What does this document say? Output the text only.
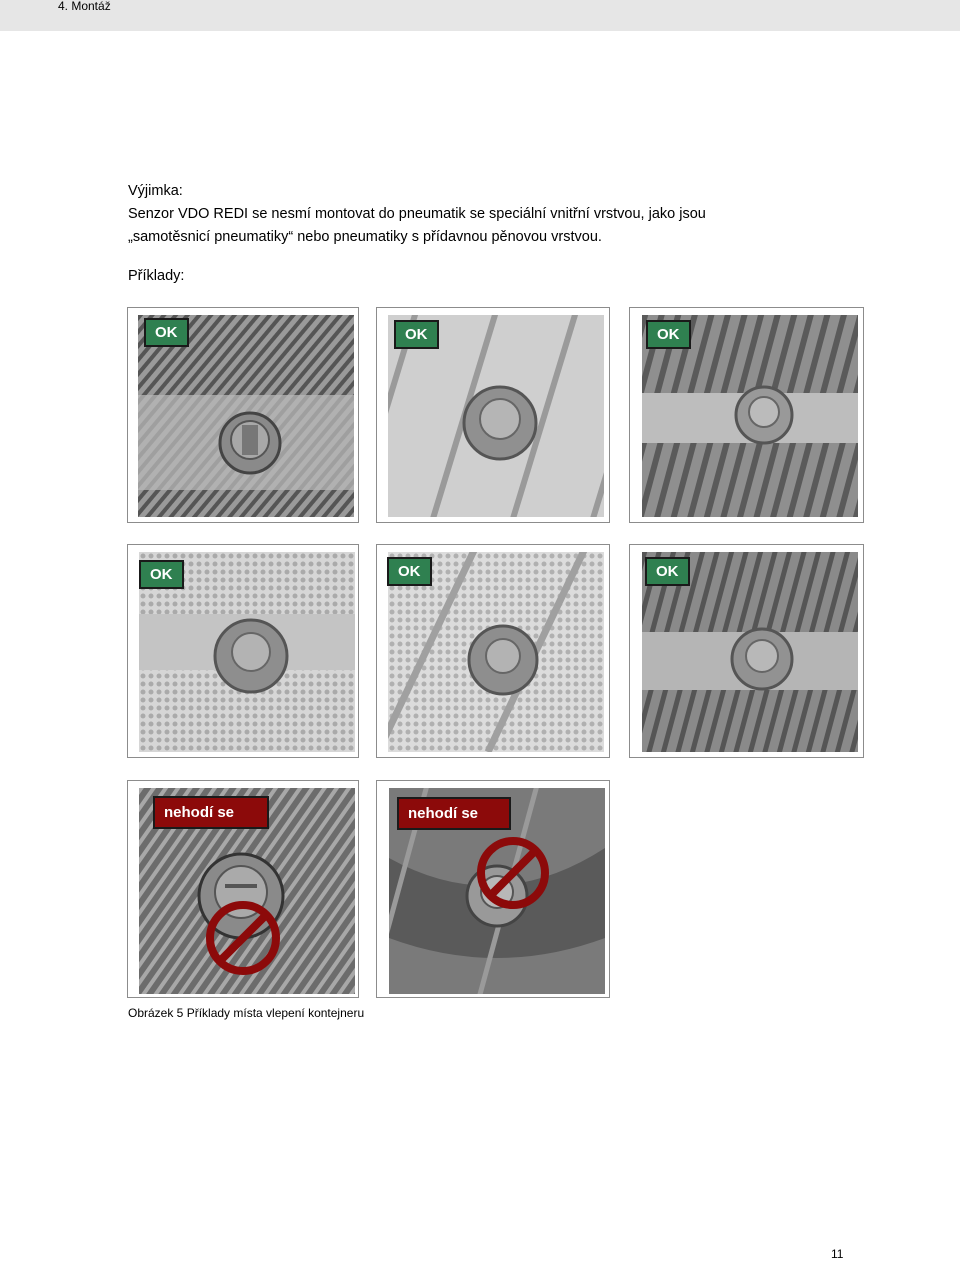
4. Montáž
Výjimka:
Senzor VDO REDI se nesmí montovat do pneumatik se speciální vnitřní vrstvou, jako jsou
„samotěsnicí pneumatiky“ nebo pneumatiky s přídavnou pěnovou vrstvou.
Příklady:
OK	OK	OK
OK	OK	OK
nehodí se	nehodí se
Obrázek 5 Příklady místa vlepení kontejneru
11
